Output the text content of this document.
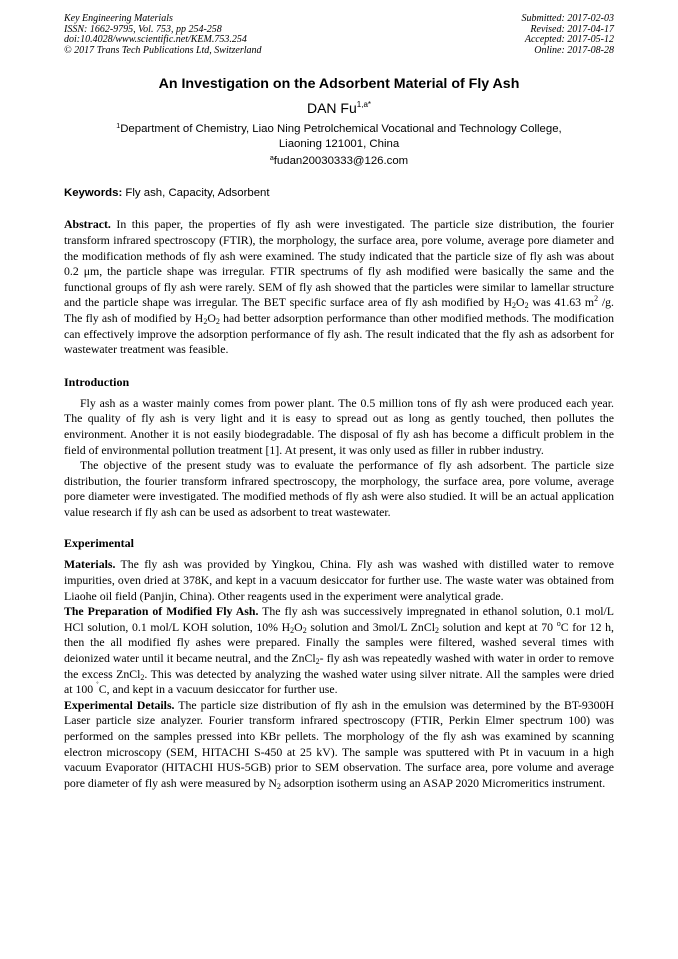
Key Engineering Materials
ISSN: 1662-9795, Vol. 753, pp 254-258
doi:10.4028/www.scientific.net/KEM.753.254
© 2017 Trans Tech Publications Ltd, Switzerland
Submitted: 2017-02-03
Revised: 2017-04-17
Accepted: 2017-05-12
Online: 2017-08-28
An Investigation on the Adsorbent Material of Fly Ash
DAN $Fu^{1,a*}$
$^1$Department of Chemistry, Liao Ning Petrolchemical Vocational and Technology College,
Liaoning 121001, China
$^a$fudan20030333@126.com
Keywords: Fly ash, Capacity, Adsorbent

Abstract. In this paper, the properties of fly ash were investigated. The particle size distribution, the fourier transform infrared spectroscopy (FTIR), the morphology, the surface area, pore volume, average pore diameter and the modification methods of fly ash were examined. The study indicated that the particle size of fly ash was about 0.2 μm, the particle shape was irregular. FTIR spectrums of fly ash modified were basically the same and the functional groups of fly ash were rarely. SEM of fly ash showed that the particles were similar to lamellar structure and the particle shape was irregular. The BET specific surface area of fly ash modified by $H_2O_2$ was 41.63 $m^2$ /g. The fly ash of modified by $H_2O_2$ had better adsorption performance than other modified methods. The modification can effectively improve the adsorption performance of fly ash. The result indicated that the fly ash as adsorbent for wastewater treatment was feasible.

Introduction

Fly ash as a waster mainly comes from power plant. The 0.5 million tons of fly ash were produced each year. The quality of fly ash is very light and it is easy to spread out as long as gently touched, then pollutes the environment. Another it is not easily biodegradable. The disposal of fly ash has become a difficult problem in the field of environmental pollution treatment [1]. At present, it was only used as filler in rubber industry.

The objective of the present study was to evaluate the performance of fly ash adsorbent. The particle size distribution, the fourier transform infrared spectroscopy, the morphology, the surface area, pore volume, average pore diameter were investigated. The modified methods of fly ash were also studied. It will be an actual application value research if fly ash can be used as adsorbent to treat wastewater.

Experimental

Materials. The fly ash was provided by Yingkou, China. Fly ash was washed with distilled water to remove impurities, oven dried at 378K, and kept in a vacuum desiccator for further use. The waste water was obtained from Liaohe oil field (Panjin, China). Other reagents used in the experiment were analytical grade.

The Preparation of Modified Fly Ash. The fly ash was successively impregnated in ethanol solution, 0.1 mol/L HCl solution, 0.1 mol/L KOH solution, 10% $H_2O_2$ solution and 3mol/L ZnCl$_2$ solution and kept at 70 $^o$C for 12 h, then the all modified fly ashes were prepared. Finally the samples were filtered, washed several times with deionized water until it became neutral, and the ZnCl$_2$- fly ash was repeatedly washed with water in order to remove the excess ZnCl$_2$. This was detected by analyzing the washed water using silver nitrate. All the samples were dried at 100 ˚C, and kept in a vacuum desiccator for further use.

Experimental Details. The particle size distribution of fly ash in the emulsion was determined by the BT-9300H Laser particle size analyzer. Fourier transform infrared spectroscopy (FTIR, Perkin Elmer spectrum 100) was performed on the samples pressed into KBr pellets. The morphology of the fly ash was examined by scanning electron microscopy (SEM, HITACHI S-450 at 25 kV). The sample was sputtered with Pt in vacuum in a high vacuum Evaporator (HITACHI HUS-5GB) prior to SEM observation. The surface area, pore volume and average pore diameter of fly ash were measured by $N_2$ adsorption isotherm using an ASAP 2020 Micromeritics instrument.
